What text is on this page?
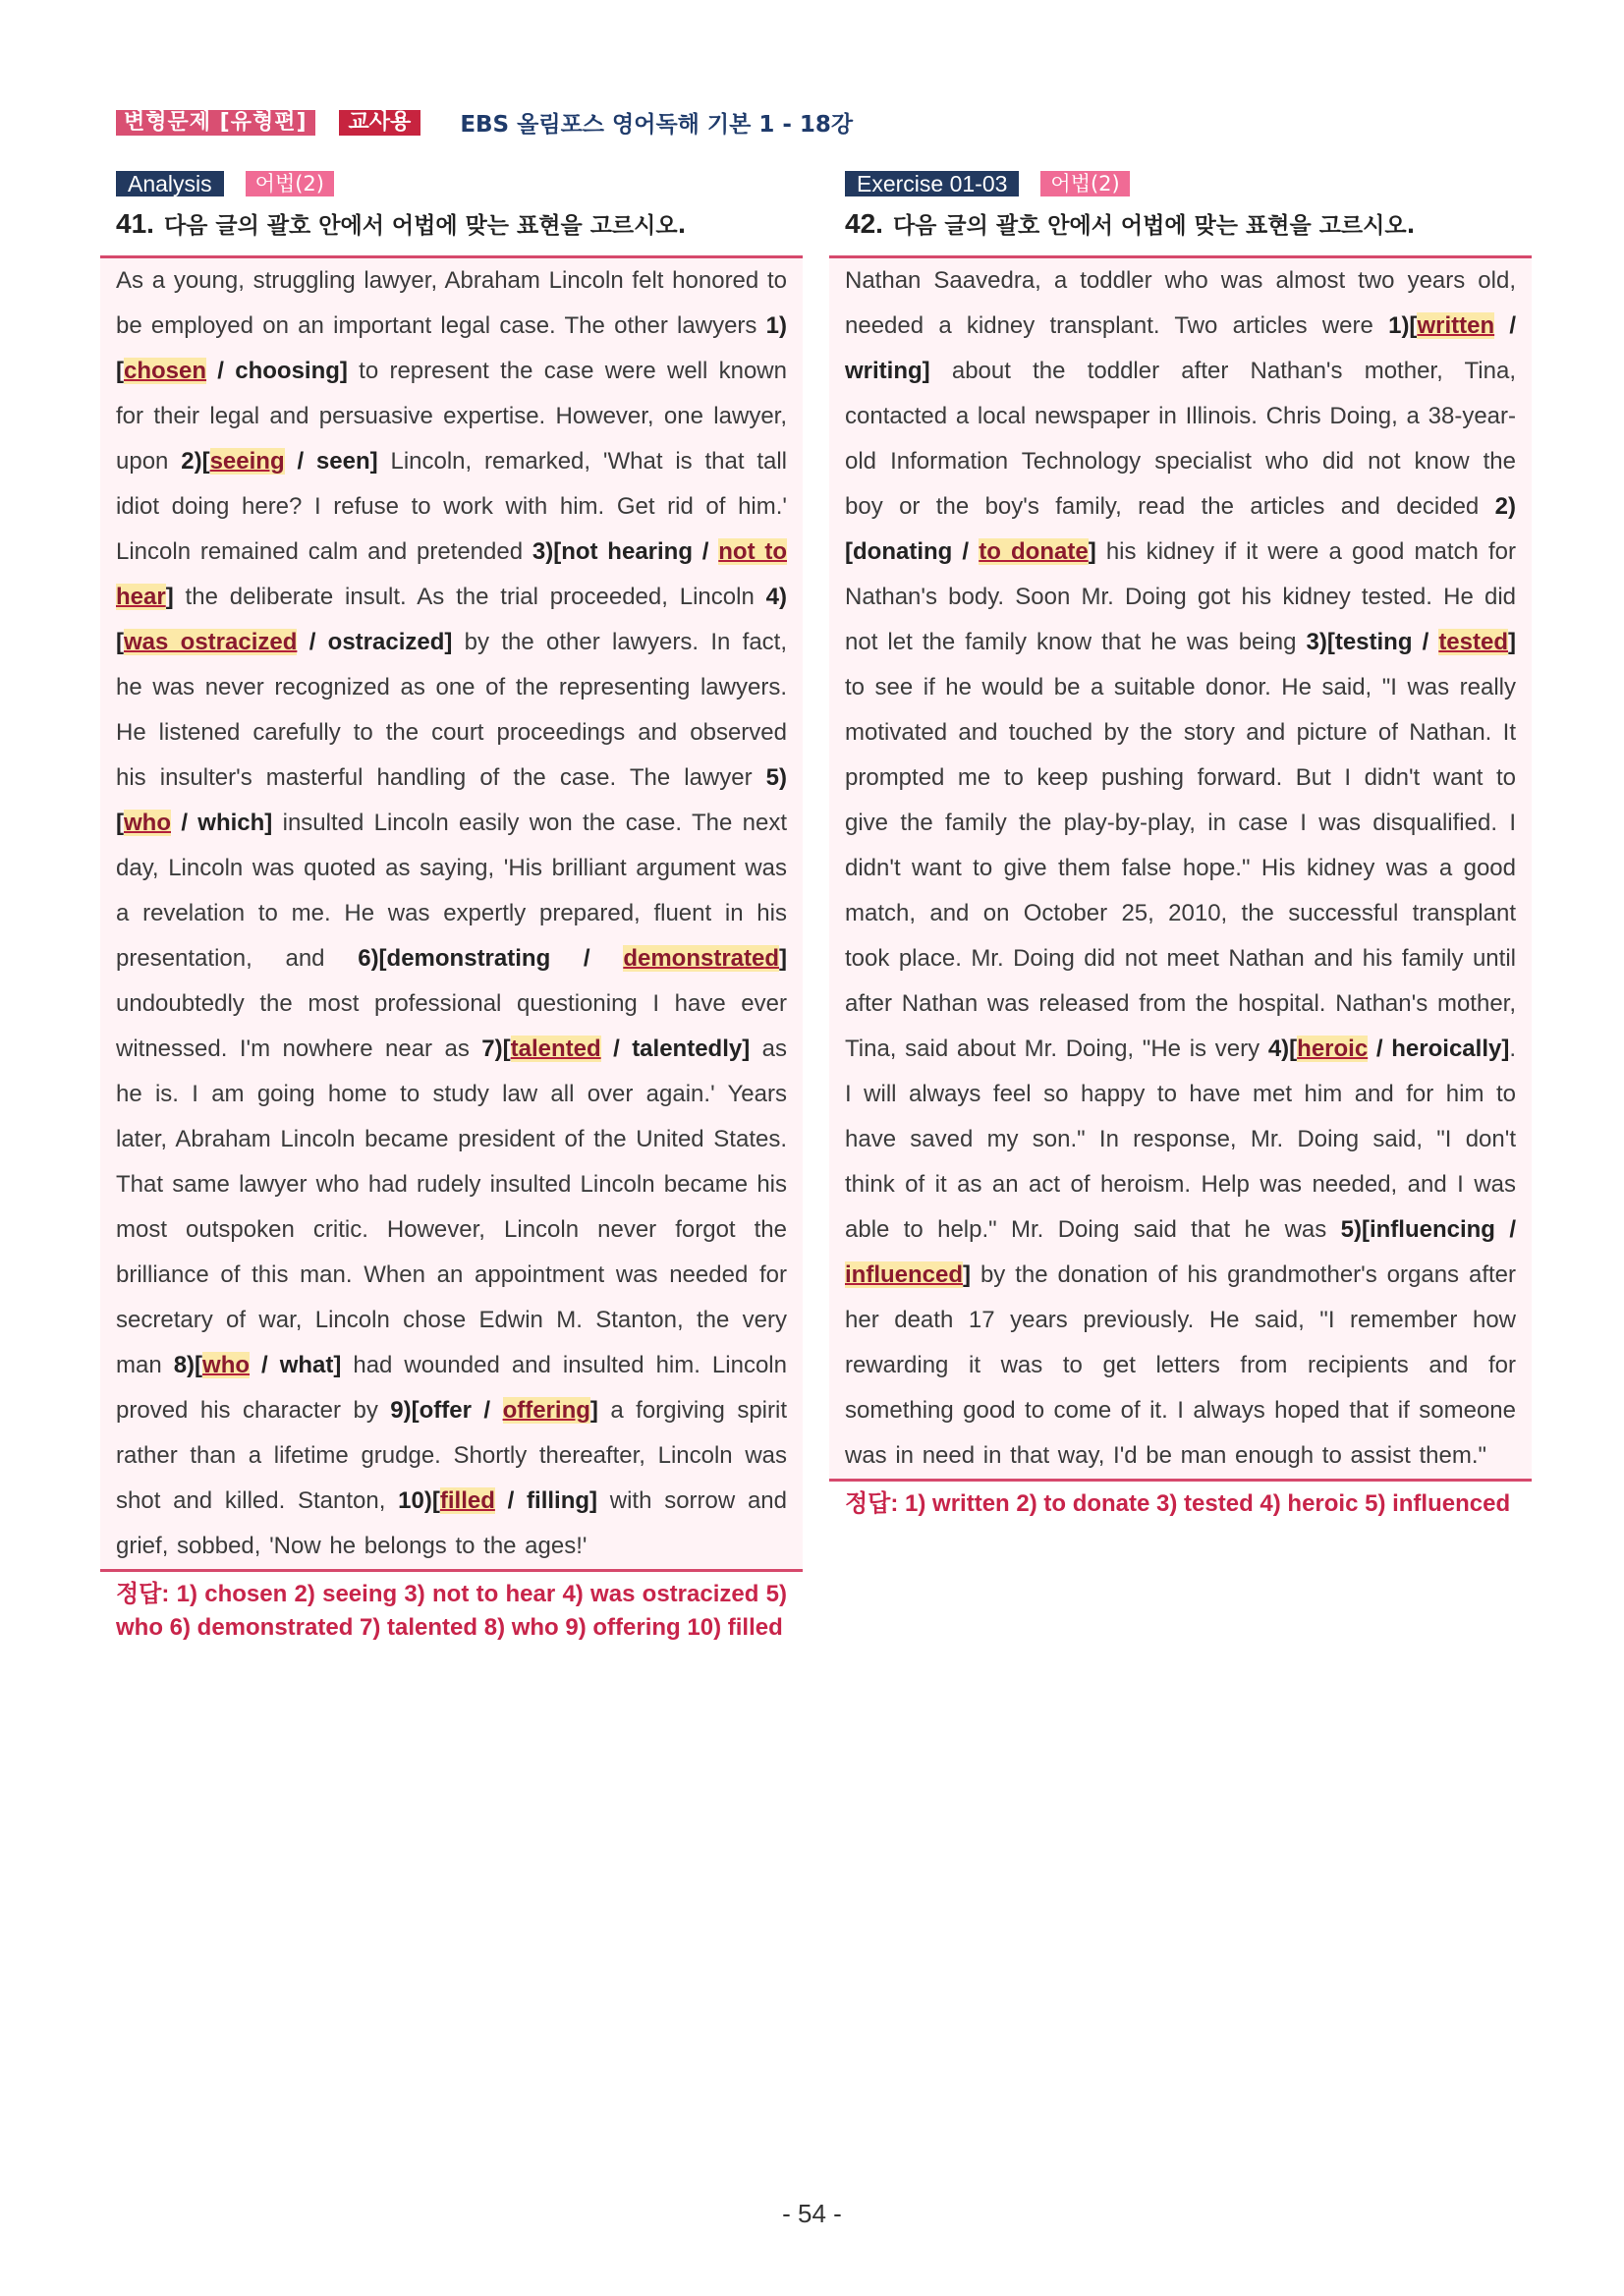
변형문제 [유형편]	교사용	EBS 올림포스 영어독해 기본 1 - 18강
Analysis	어법(2)
41. 다음 글의 괄호 안에서 어법에 맞는 표현을 고르시오.

As a young, struggling lawyer, Abraham Lincoln felt honored to be employed on an important legal case. The other lawyers 1)[chosen / choosing] to represent the case were well known for their legal and persuasive expertise. However, one lawyer, upon 2)[seeing / seen] Lincoln, remarked, 'What is that tall idiot doing here? I refuse to work with him. Get rid of him.' Lincoln remained calm and pretended 3)[not hearing / not to hear] the deliberate insult. As the trial proceeded, Lincoln 4)[was ostracized / ostracized] by the other lawyers. In fact, he was never recognized as one of the representing lawyers. He listened carefully to the court proceedings and observed his insulter's masterful handling of the case. The lawyer 5)[who / which] insulted Lincoln easily won the case. The next day, Lincoln was quoted as saying, 'His brilliant argument was a revelation to me. He was expertly prepared, fluent in his presentation, and 6)[demonstrating / demonstrated] undoubtedly the most professional questioning I have ever witnessed. I'm nowhere near as 7)[talented / talentedly] as he is. I am going home to study law all over again.' Years later, Abraham Lincoln became president of the United States. That same lawyer who had rudely insulted Lincoln became his most outspoken critic. However, Lincoln never forgot the brilliance of this man. When an appointment was needed for secretary of war, Lincoln chose Edwin M. Stanton, the very man 8)[who / what] had wounded and insulted him. Lincoln proved his character by 9)[offer / offering] a forgiving spirit rather than a lifetime grudge. Shortly thereafter, Lincoln was shot and killed. Stanton, 10)[filled / filling] with sorrow and grief, sobbed, 'Now he belongs to the ages!'

정답: 1) chosen 2) seeing 3) not to hear 4) was ostracized 5) who 6) demonstrated 7) talented 8) who 9) offering 10) filled
Exercise 01-03	어법(2)
42. 다음 글의 괄호 안에서 어법에 맞는 표현을 고르시오.

Nathan Saavedra, a toddler who was almost two years old, needed a kidney transplant. Two articles were 1)[written / writing] about the toddler after Nathan's mother, Tina, contacted a local newspaper in Illinois. Chris Doing, a 38-year-old Information Technology specialist who did not know the boy or the boy's family, read the articles and decided 2)[donating / to donate] his kidney if it were a good match for Nathan's body. Soon Mr. Doing got his kidney tested. He did not let the family know that he was being 3)[testing / tested] to see if he would be a suitable donor. He said, "I was really motivated and touched by the story and picture of Nathan. It prompted me to keep pushing forward. But I didn't want to give the family the play-by-play, in case I was disqualified. I didn't want to give them false hope." His kidney was a good match, and on October 25, 2010, the successful transplant took place. Mr. Doing did not meet Nathan and his family until after Nathan was released from the hospital. Nathan's mother, Tina, said about Mr. Doing, "He is very 4)[heroic / heroically]. I will always feel so happy to have met him and for him to have saved my son." In response, Mr. Doing said, "I don't think of it as an act of heroism. Help was needed, and I was able to help." Mr. Doing said that he was 5)[influencing / influenced] by the donation of his grandmother's organs after her death 17 years previously. He said, "I remember how rewarding it was to get letters from recipients and for something good to come of it. I always hoped that if someone was in need in that way, I'd be man enough to assist them."

정답: 1) written 2) to donate 3) tested 4) heroic 5) influenced
- 54 -
